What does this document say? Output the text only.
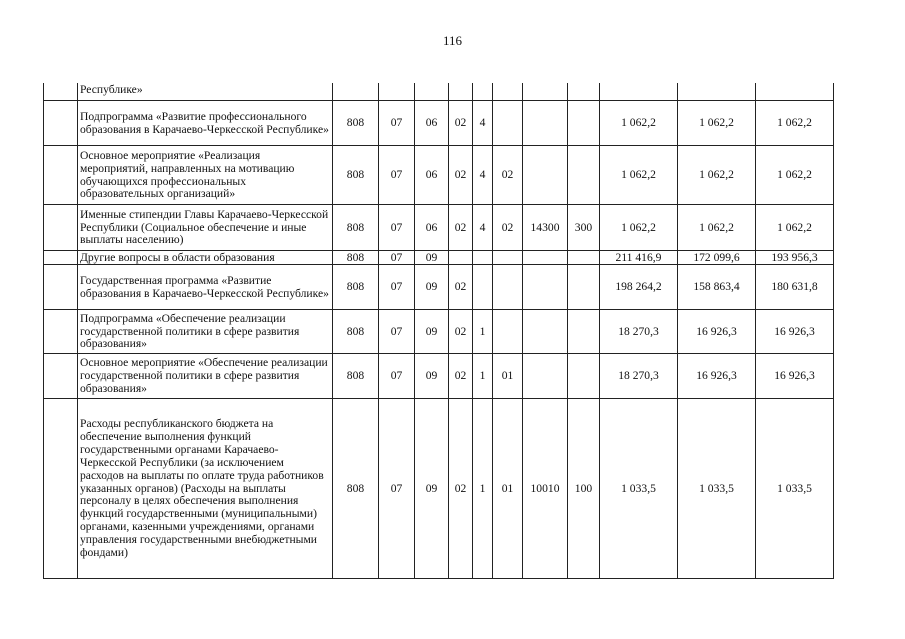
116
	Республике»											
	Подпрограмма «Развитие профессионального образования в Карачаево-Черкесской Республике»	808	07	06	02	4				1 062,2	1 062,2	1 062,2
	Основное мероприятие «Реализация мероприятий, направленных на мотивацию обучающихся профессиональных образовательных организаций»	808	07	06	02	4	02			1 062,2	1 062,2	1 062,2
	Именные стипендии Главы Карачаево-Черкесской Республики (Социальное обеспечение и иные выплаты населению)	808	07	06	02	4	02	14300	300	1 062,2	1 062,2	1 062,2
	Другие вопросы в области образования	808	07	09						211 416,9	172 099,6	193 956,3
	Государственная программа «Развитие образования в Карачаево-Черкесской Республике»	808	07	09	02					198 264,2	158 863,4	180 631,8
	Подпрограмма «Обеспечение реализации государственной политики в сфере развития образования»	808	07	09	02	1				18 270,3	16 926,3	16 926,3
	Основное мероприятие «Обеспечение реализации государственной политики в сфере развития образования»	808	07	09	02	1	01			18 270,3	16 926,3	16 926,3
	Расходы республиканского бюджета на обеспечение выполнения функций государственными органами Карачаево-Черкесской Республики (за исключением расходов на выплаты по оплате труда работников указанных органов) (Расходы на выплаты персоналу в целях обеспечения выполнения функций государственными (муниципальными) органами, казенными учреждениями, органами управления государственными внебюджетными фондами)	808	07	09	02	1	01	10010	100	1 033,5	1 033,5	1 033,5
